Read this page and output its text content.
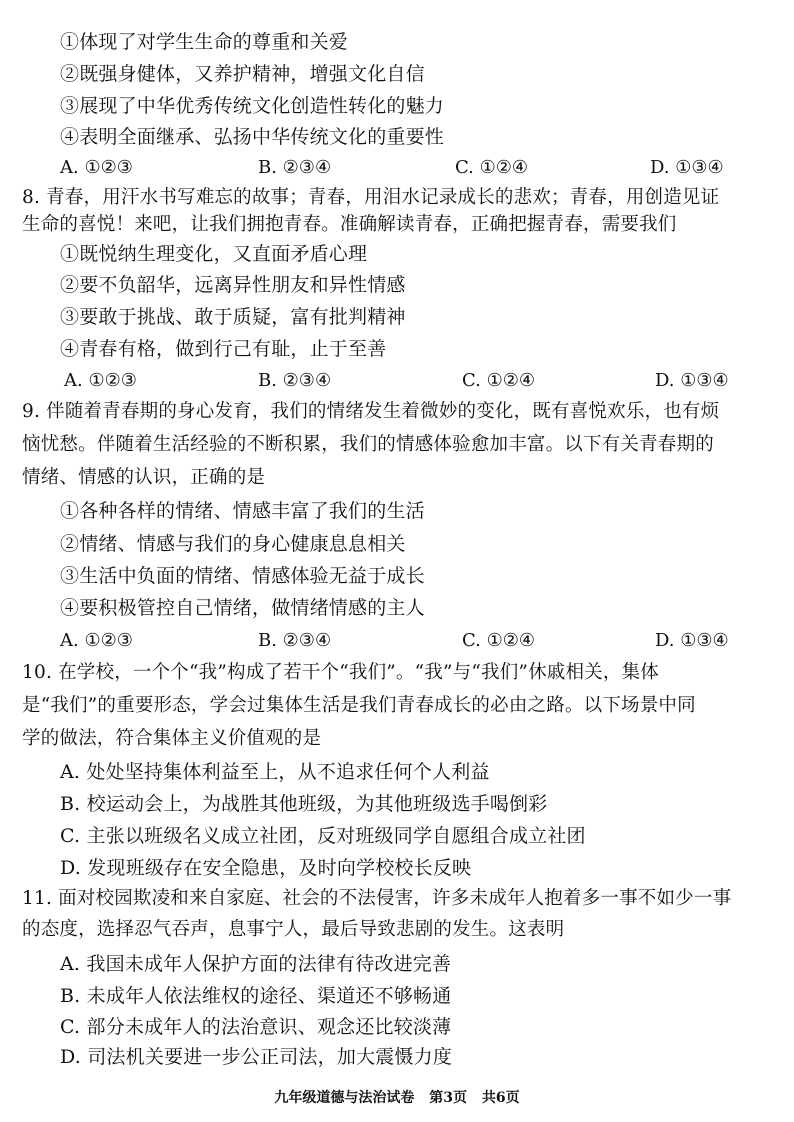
①体现了对学生生命的尊重和关爱
②既强身健体，又养护精神，增强文化自信
③展现了中华优秀传统文化创造性转化的魅力
④表明全面继承、弘扬中华传统文化的重要性
A. ①②③	B. ②③④	C. ①②④	D. ①③④
8. 青春，用汗水书写难忘的故事；青春，用泪水记录成长的悲欢；青春，用创造见证
生命的喜悦！来吧，让我们拥抱青春。准确解读青春，正确把握青春，需要我们
①既悦纳生理变化，又直面矛盾心理
②要不负韶华，远离异性朋友和异性情感
③要敢于挑战、敢于质疑，富有批判精神
④青春有格，做到行己有耻，止于至善
A. ①②③	B. ②③④	C. ①②④	D. ①③④
9. 伴随着青春期的身心发育，我们的情绪发生着微妙的变化，既有喜悦欢乐，也有烦
恼忧愁。伴随着生活经验的不断积累，我们的情感体验愈加丰富。以下有关青春期的
情绪、情感的认识，正确的是
①各种各样的情绪、情感丰富了我们的生活
②情绪、情感与我们的身心健康息息相关
③生活中负面的情绪、情感体验无益于成长
④要积极管控自己情绪，做情绪情感的主人
A. ①②③	B. ②③④	C. ①②④	D. ①③④
10. 在学校，一个个“我”构成了若干个“我们”。“我”与“我们”休戚相关，集体
是“我们”的重要形态，学会过集体生活是我们青春成长的必由之路。以下场景中同
学的做法，符合集体主义价值观的是
A. 处处坚持集体利益至上，从不追求任何个人利益
B. 校运动会上，为战胜其他班级，为其他班级选手喝倒彩
C. 主张以班级名义成立社团，反对班级同学自愿组合成立社团
D. 发现班级存在安全隐患，及时向学校校长反映
11. 面对校园欺凌和来自家庭、社会的不法侵害，许多未成年人抱着多一事不如少一事
的态度，选择忍气吞声，息事宁人，最后导致悲剧的发生。这表明
A. 我国未成年人保护方面的法律有待改进完善
B. 未成年人依法维权的途径、渠道还不够畅通
C. 部分未成年人的法治意识、观念还比较淡薄
D. 司法机关要进一步公正司法，加大震慑力度
九年级道德与法治试卷 第3页 共6页
